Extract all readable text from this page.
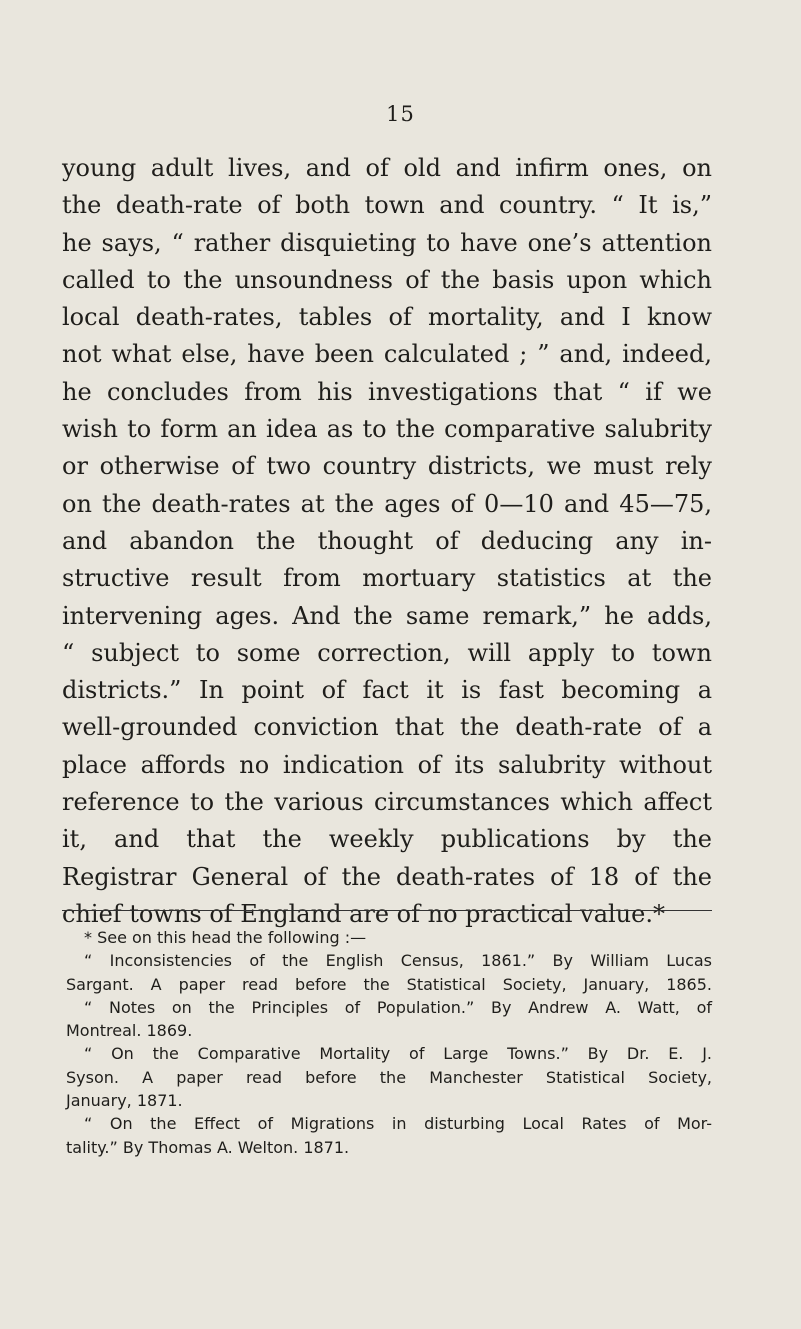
15
young adult lives, and of old and infirm ones, on
the death-rate of both town and country. “ It is,”
he says, “ rather disquieting to have one’s attention
called to the unsoundness of the basis upon which
local death-rates, tables of mortality, and I know
not what else, have been calculated ; ” and, indeed,
he concludes from his investigations that “ if we
wish to form an idea as to the comparative salubrity
or otherwise of two country districts, we must rely
on the death-rates at the ages of 0—10 and 45—75,
and abandon the thought of deducing any in-
structive result from mortuary statistics at the
intervening ages. And the same remark,” he adds,
“ subject to some correction, will apply to town
districts.” In point of fact it is fast becoming a
well-grounded conviction that the death-rate of a
place affords no indication of its salubrity without
reference to the various circumstances which affect
it, and that the weekly publications by the
Registrar General of the death-rates of 18 of the
chief towns of England are of no practical value.*
* See on this head the following :—
“ Inconsistencies of the English Census, 1861.” By William Lucas
Sargant. A paper read before the Statistical Society, January, 1865.
“ Notes on the Principles of Population.” By Andrew A. Watt, of
Montreal. 1869.
“ On the Comparative Mortality of Large Towns.” By Dr. E. J.
Syson. A paper read before the Manchester Statistical Society,
January, 1871.
“ On the Effect of Migrations in disturbing Local Rates of Mor-
tality.” By Thomas A. Welton. 1871.
